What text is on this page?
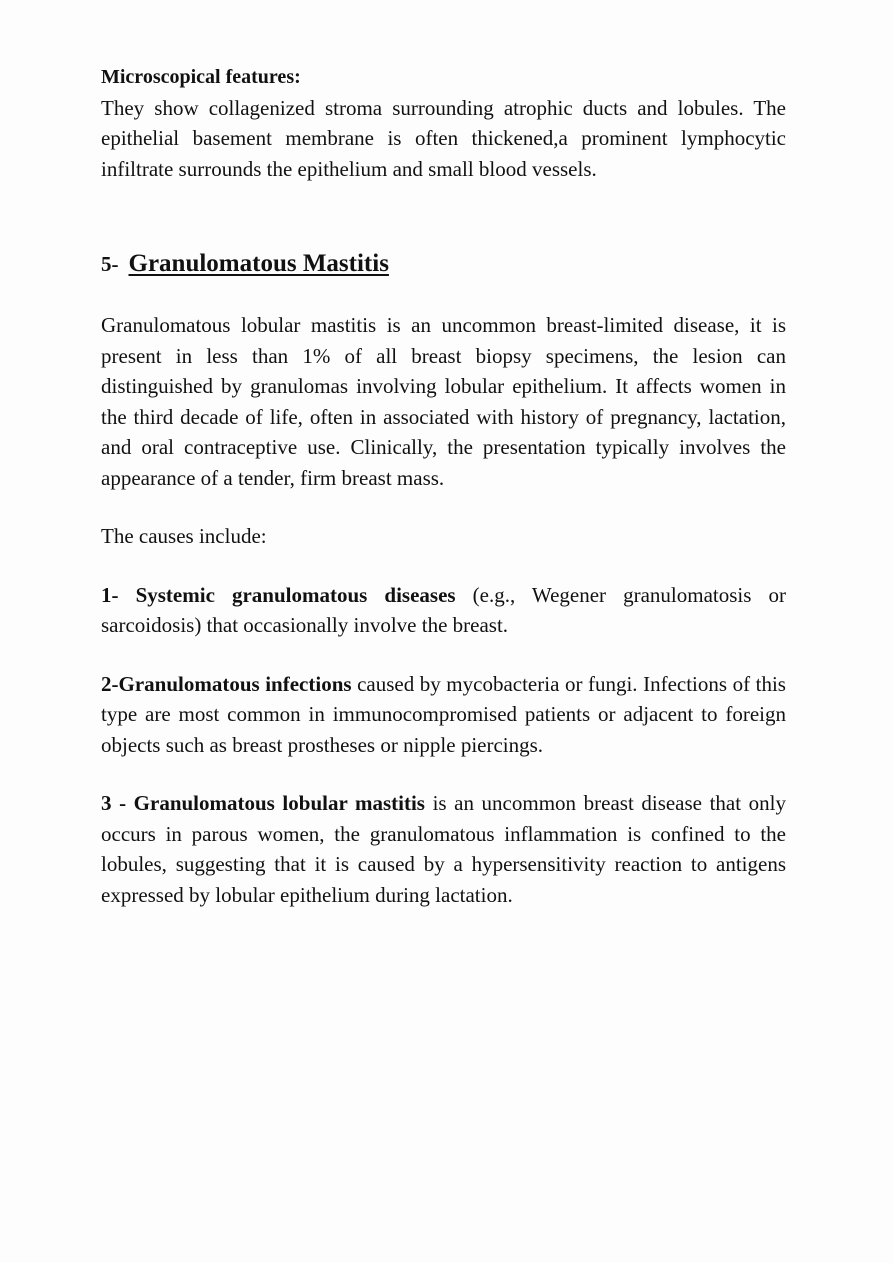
Microscopical features:

They show collagenized stroma surrounding atrophic ducts and lobules. The epithelial basement membrane is often thickened,a prominent lymphocytic infiltrate surrounds the epithelium and small blood vessels.

5- Granulomatous Mastitis

Granulomatous lobular mastitis is an uncommon breast-limited disease, it is present in less than 1% of all breast biopsy specimens, the lesion can distinguished by granulomas involving lobular epithelium. It affects women in the third decade of life, often in associated with history of pregnancy, lactation, and oral contraceptive use. Clinically, the presentation typically involves the appearance of a tender, firm breast mass.

The causes include:

1- Systemic granulomatous diseases (e.g., Wegener granulomatosis or sarcoidosis) that occasionally involve the breast.

2-Granulomatous infections caused by mycobacteria or fungi. Infections of this type are most common in immunocompromised patients or adjacent to foreign objects such as breast prostheses or nipple piercings.

3 - Granulomatous lobular mastitis is an uncommon breast disease that only occurs in parous women, the granulomatous inflammation is confined to the lobules, suggesting that it is caused by a hypersensitivity reaction to antigens expressed by lobular epithelium during lactation.
